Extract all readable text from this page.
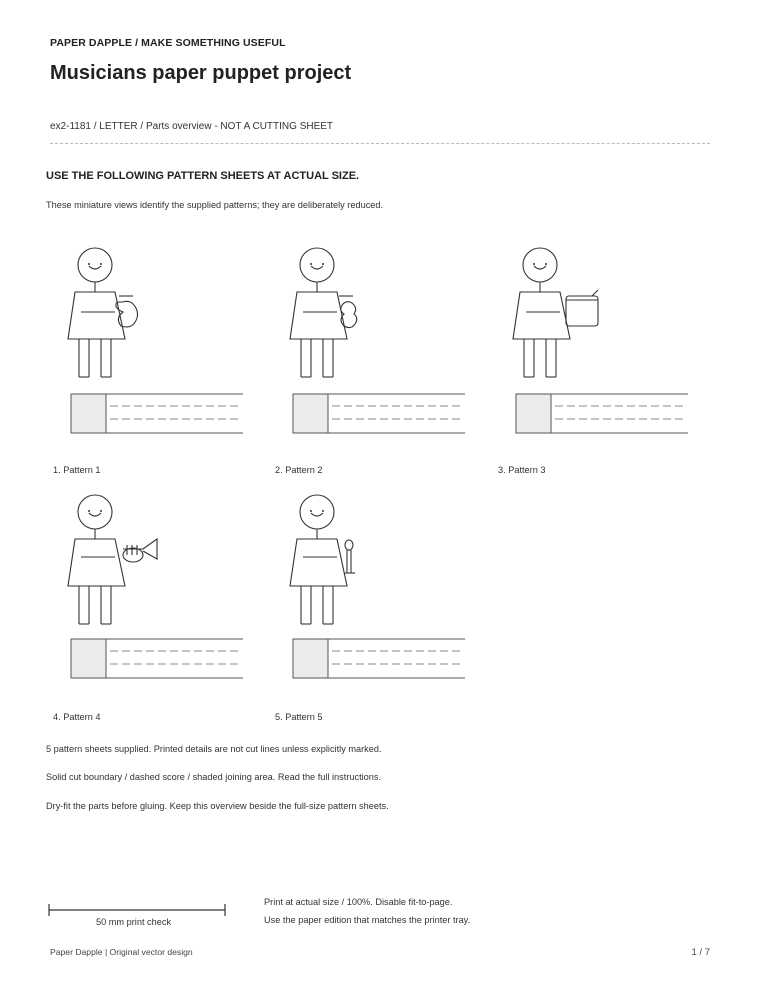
PAPER DAPPLE / MAKE SOMETHING USEFUL
Musicians paper puppet project
ex2-1181 / LETTER / Parts overview - NOT A CUTTING SHEET
USE THE FOLLOWING PATTERN SHEETS AT ACTUAL SIZE.
These miniature views identify the supplied patterns; they are deliberately reduced.
1. Pattern 1	2. Pattern 2	3. Pattern 3
4. Pattern 4	5. Pattern 5
5 pattern sheets supplied. Printed details are not cut lines unless explicitly marked.
Solid cut boundary / dashed score / shaded joining area. Read the full instructions.
Dry-fit the parts before gluing. Keep this overview beside the full-size pattern sheets.
50 mm print check
Print at actual size / 100%. Disable fit-to-page.
Use the paper edition that matches the printer tray.
Paper Dapple | Original vector design	1 / 7
